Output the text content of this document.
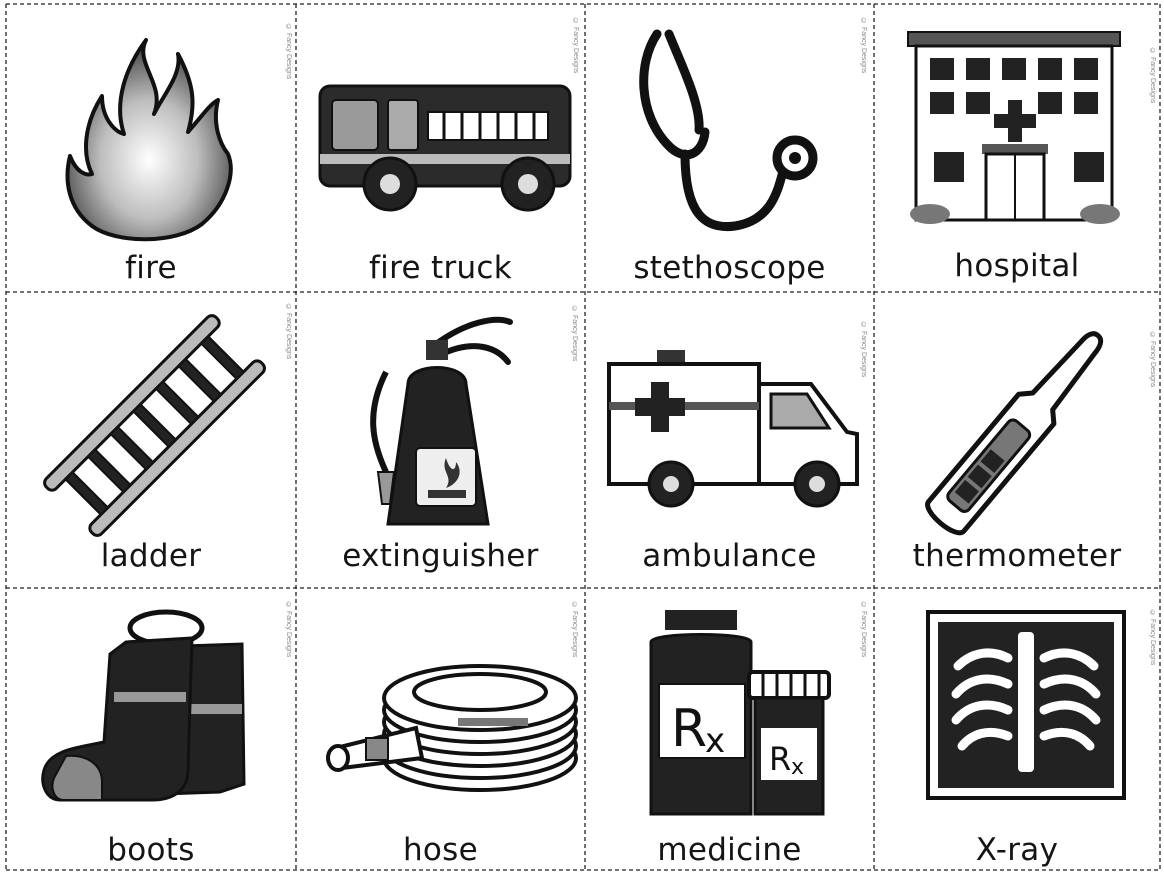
fire
© Fancy Designs
fire truck
© Fancy Designs
stethoscope
© Fancy Designs
hospital
© Fancy Designs
ladder
© Fancy Designs
extinguisher
© Fancy Designs
ambulance
© Fancy Designs
thermometer
© Fancy Designs
boots
© Fancy Designs
hose
© Fancy Designs
R
x R x
medicine
© Fancy Designs
X-ray
© Fancy Designs
